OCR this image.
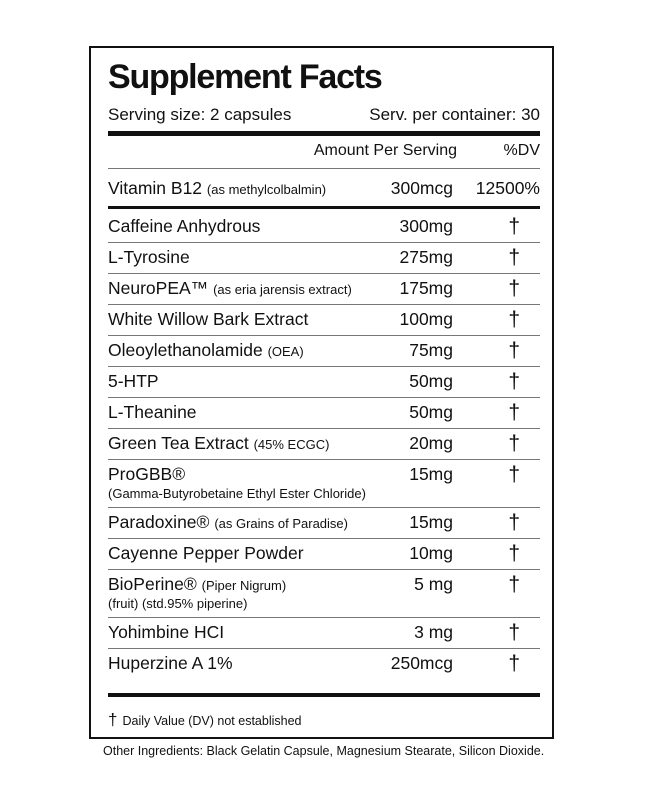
Supplement Facts
Serving size: 2 capsules	Serv. per container: 30
Amount Per Serving	%DV
Vitamin B12 (as methylcolbalmin)	300mcg 12500%
Caffeine Anhydrous	300mg	†
L-Tyrosine	275mg	†
NeuroPEA™ (as eria jarensis extract)	175mg	†
White Willow Bark Extract	100mg	†
Oleoylethanolamide (OEA)	75mg	†
5-HTP	50mg	†
L-Theanine	50mg	†
Green Tea Extract (45% ECGC)	20mg	†
ProGBB®
(Gamma-Butyrobetaine Ethyl Ester Chloride)
15mg	†
Paradoxine® (as Grains of Paradise)	15mg	†
Cayenne Pepper Powder	10mg	†
BioPerine® (Piper Nigrum)
(fruit) (std.95% piperine)
5 mg	†
Yohimbine HCI	3 mg	†
Huperzine A 1%	250mcg	†
† Daily Value (DV) not established
Other Ingredients: Black Gelatin Capsule, Magnesium Stearate, Silicon Dioxide.
